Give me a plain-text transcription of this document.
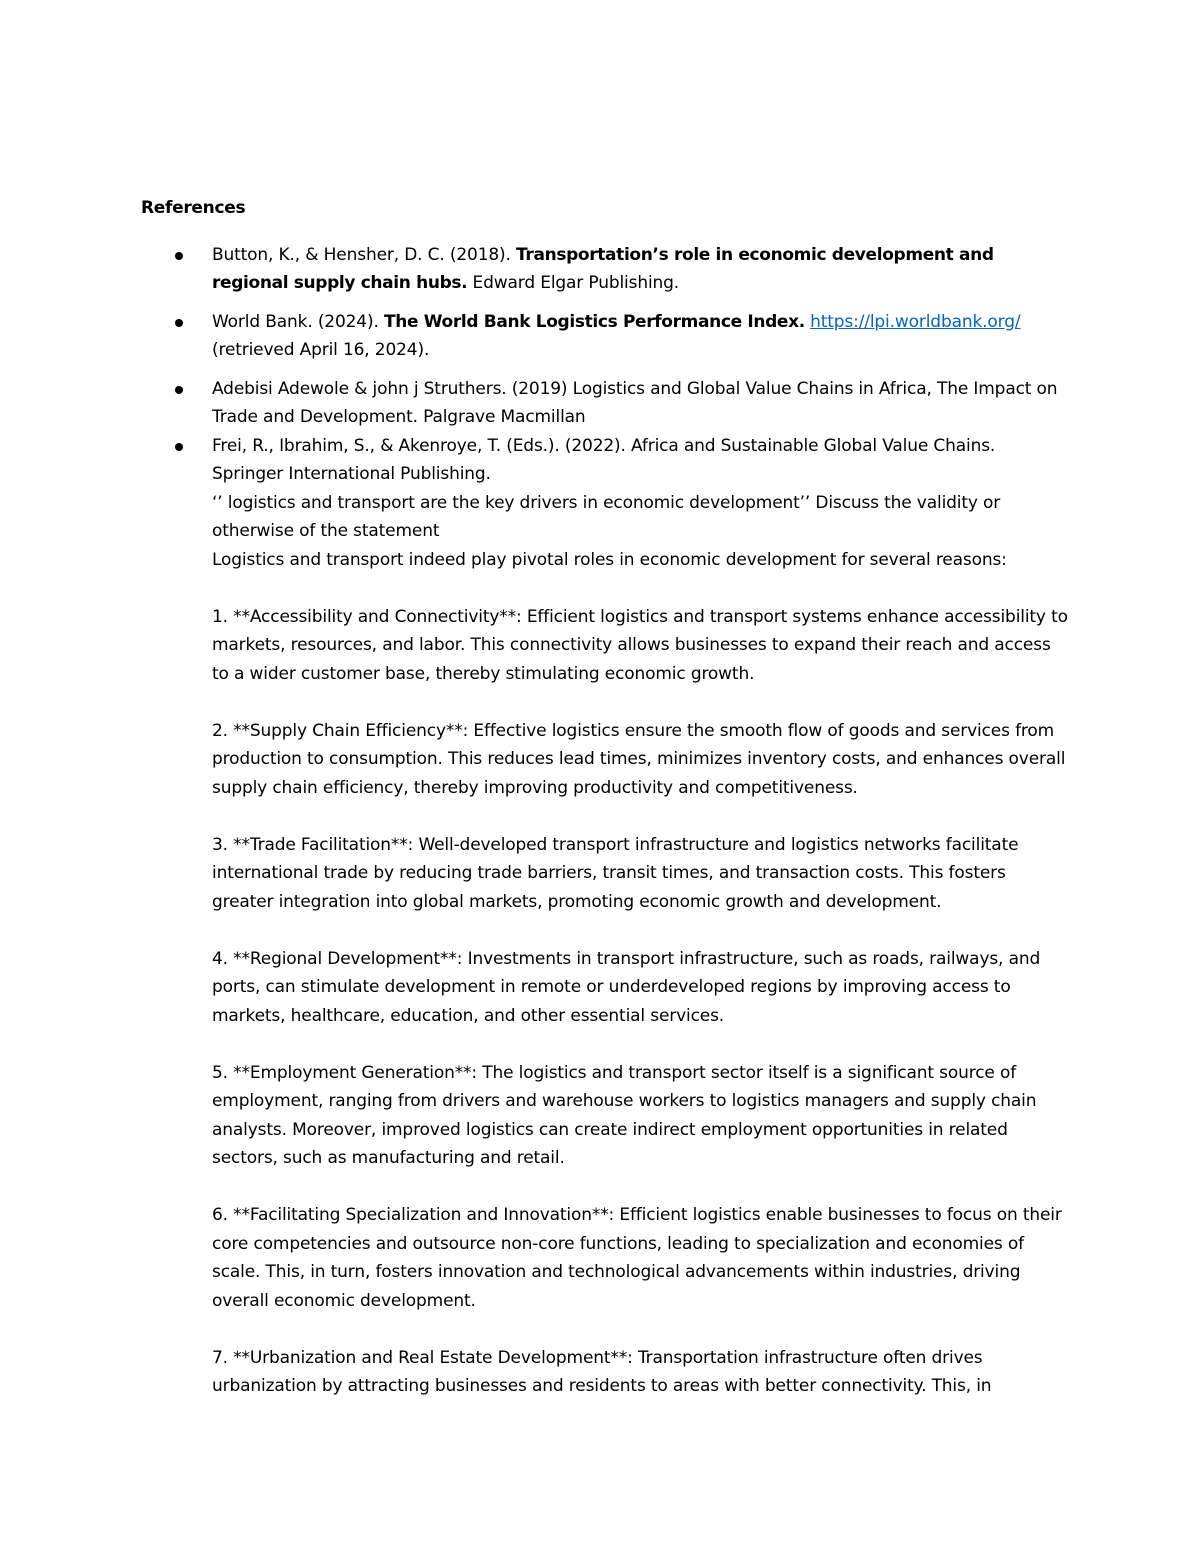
References
Button, K., & Hensher, D. C. (2018). Transportation’s role in economic development and regional supply chain hubs. Edward Elgar Publishing.
World Bank. (2024). The World Bank Logistics Performance Index. https://lpi.worldbank.org/ (retrieved April 16, 2024).
Adebisi Adewole & john j Struthers. (2019) Logistics and Global Value Chains in Africa, The Impact on Trade and Development. Palgrave Macmillan
Frei, R., Ibrahim, S., & Akenroye, T. (Eds.). (2022). Africa and Sustainable Global Value Chains. Springer International Publishing.

‘’ logistics and transport are the key drivers in economic development’’ Discuss the validity or otherwise of the statement

Logistics and transport indeed play pivotal roles in economic development for several reasons:

1. **Accessibility and Connectivity**: Efficient logistics and transport systems enhance accessibility to markets, resources, and labor. This connectivity allows businesses to expand their reach and access to a wider customer base, thereby stimulating economic growth.

2. **Supply Chain Efficiency**: Effective logistics ensure the smooth flow of goods and services from production to consumption. This reduces lead times, minimizes inventory costs, and enhances overall supply chain efficiency, thereby improving productivity and competitiveness.

3. **Trade Facilitation**: Well-developed transport infrastructure and logistics networks facilitate international trade by reducing trade barriers, transit times, and transaction costs. This fosters greater integration into global markets, promoting economic growth and development.

4. **Regional Development**: Investments in transport infrastructure, such as roads, railways, and ports, can stimulate development in remote or underdeveloped regions by improving access to markets, healthcare, education, and other essential services.

5. **Employment Generation**: The logistics and transport sector itself is a significant source of employment, ranging from drivers and warehouse workers to logistics managers and supply chain analysts. Moreover, improved logistics can create indirect employment opportunities in related sectors, such as manufacturing and retail.

6. **Facilitating Specialization and Innovation**: Efficient logistics enable businesses to focus on their core competencies and outsource non-core functions, leading to specialization and economies of scale. This, in turn, fosters innovation and technological advancements within industries, driving overall economic development.

7. **Urbanization and Real Estate Development**: Transportation infrastructure often drives urbanization by attracting businesses and residents to areas with better connectivity. This, in
